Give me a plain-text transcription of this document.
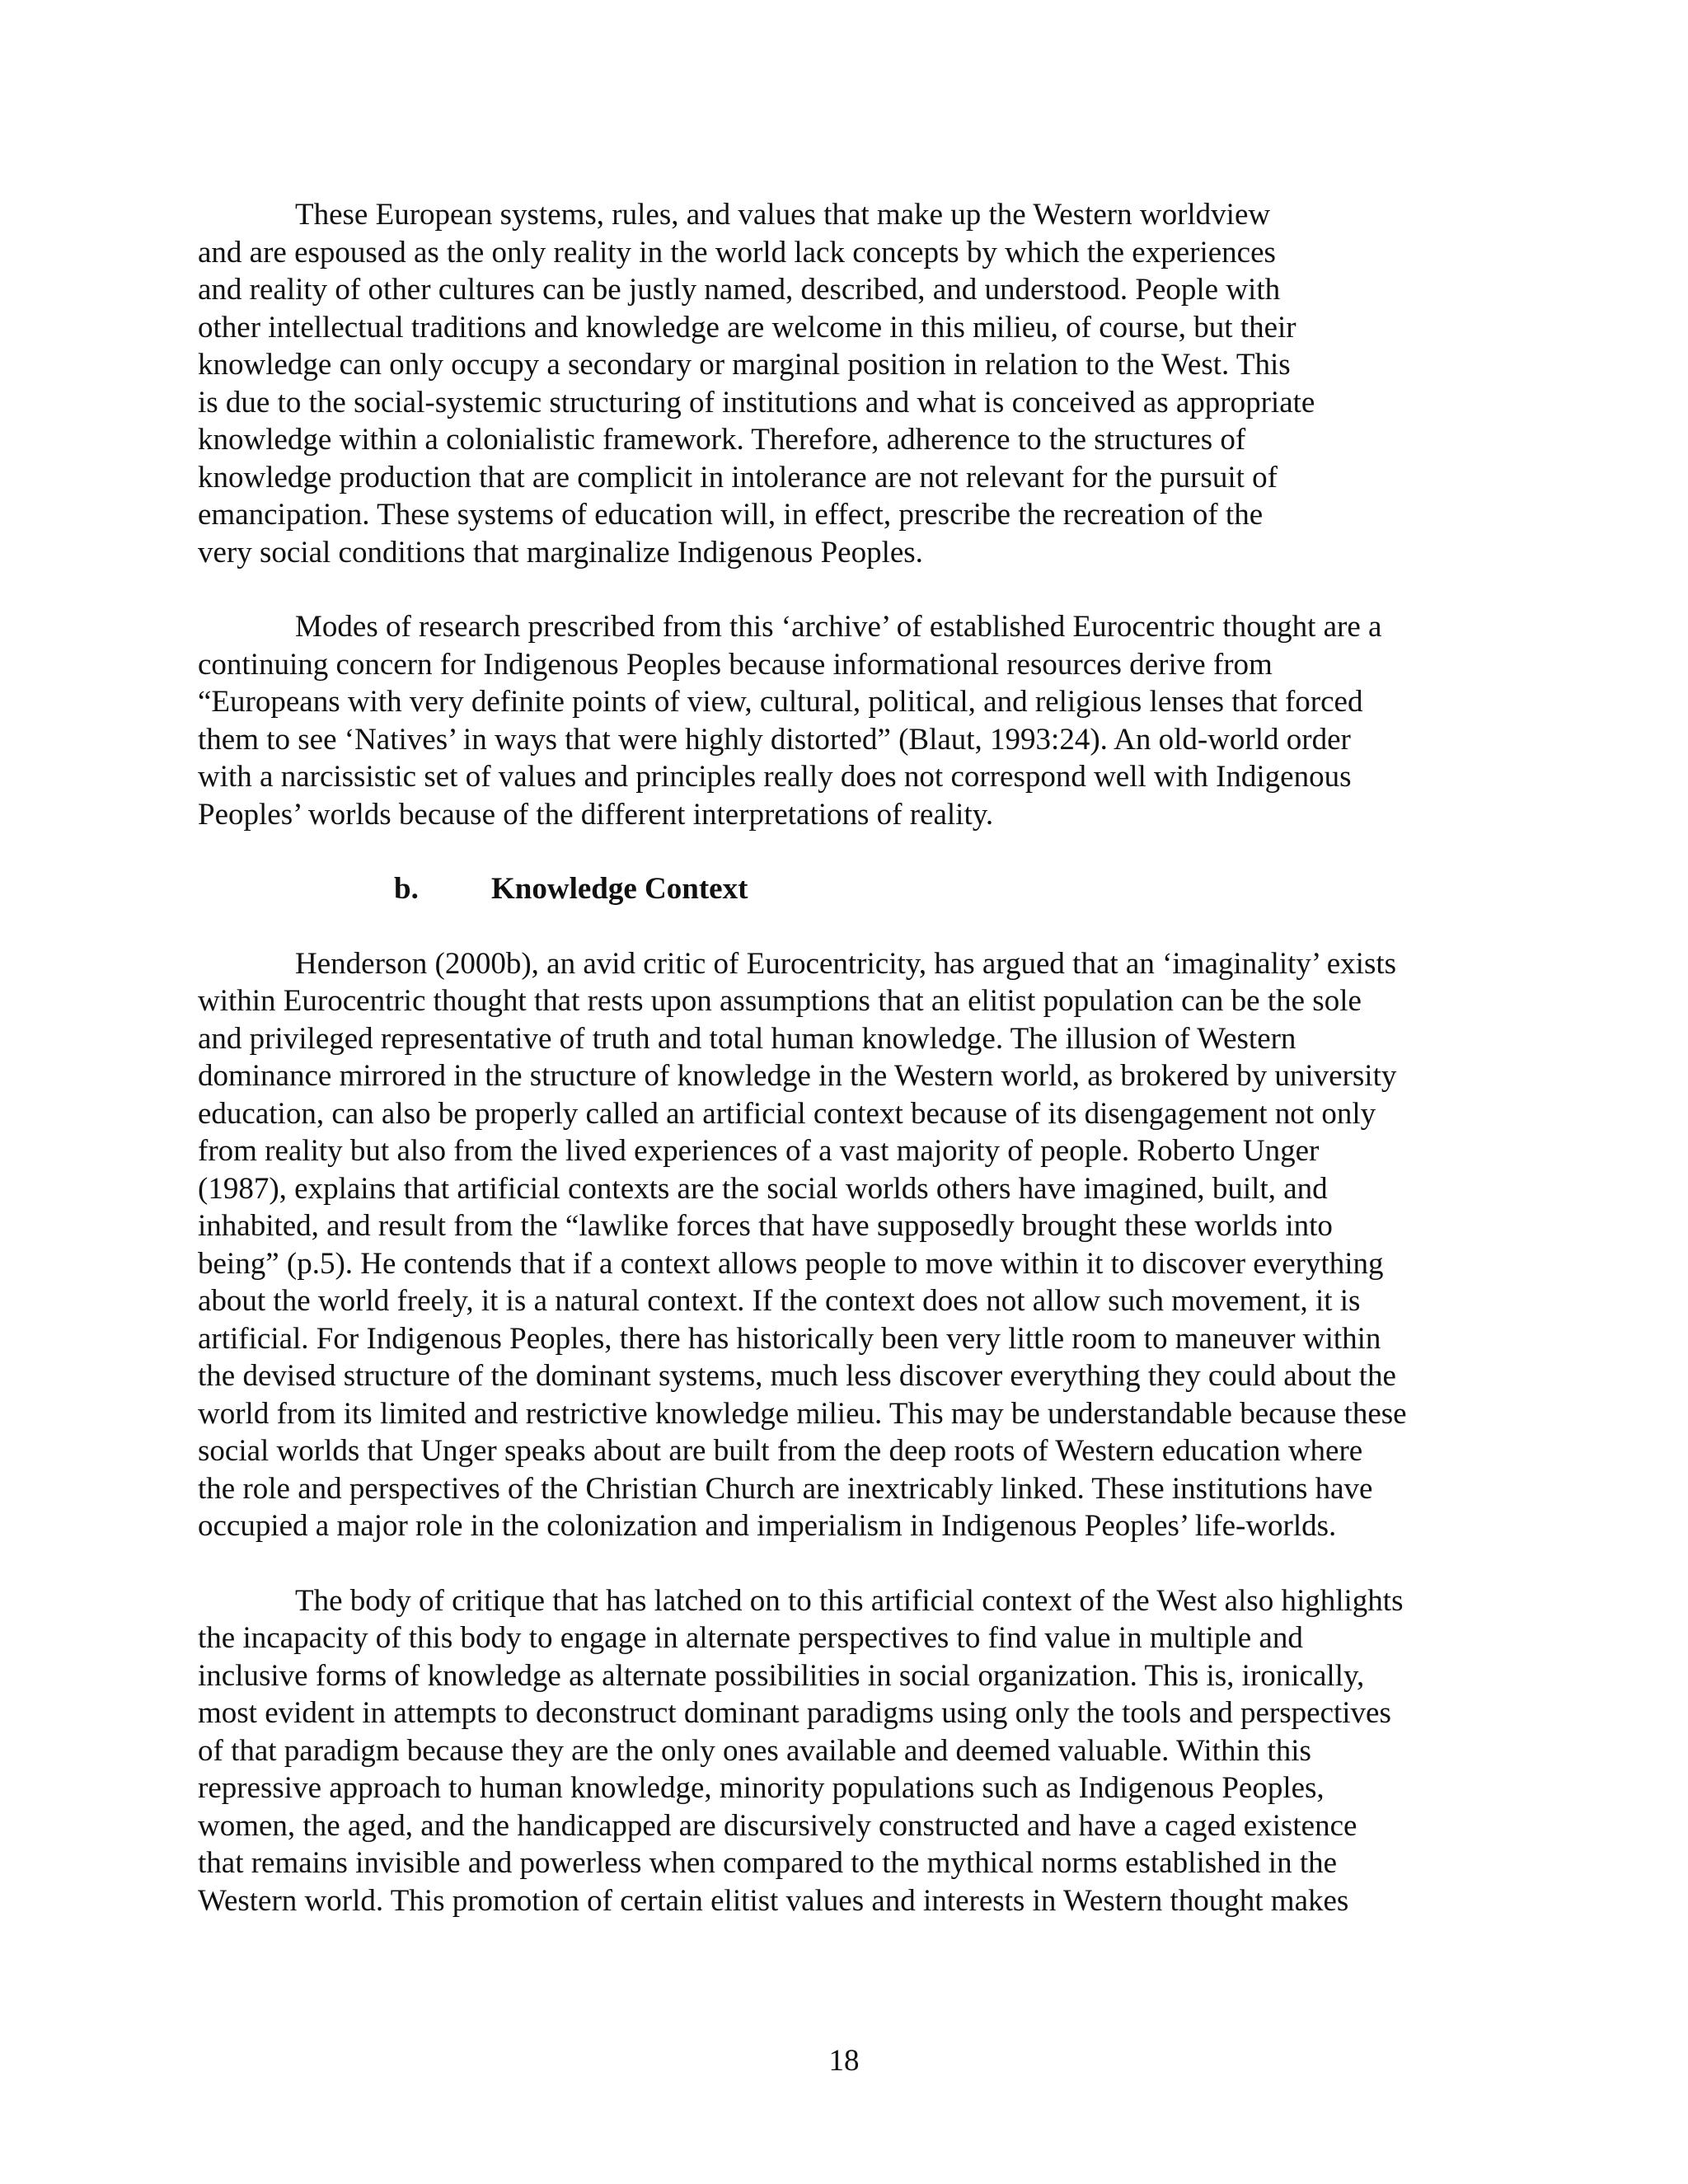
These European systems, rules, and values that make up the Western worldview
and are espoused as the only reality in the world lack concepts by which the experiences
and reality of other cultures can be justly named, described, and understood. People with
other intellectual traditions and knowledge are welcome in this milieu, of course, but their
knowledge can only occupy a secondary or marginal position in relation to the West. This
is due to the social-systemic structuring of institutions and what is conceived as appropriate
knowledge within a colonialistic framework. Therefore, adherence to the structures of
knowledge production that are complicit in intolerance are not relevant for the pursuit of
emancipation. These systems of education will, in effect, prescribe the recreation of the
very social conditions that marginalize Indigenous Peoples.

Modes of research prescribed from this ‘archive’ of established Eurocentric thought are a
continuing concern for Indigenous Peoples because informational resources derive from
“Europeans with very definite points of view, cultural, political, and religious lenses that forced
them to see ‘Natives’ in ways that were highly distorted” (Blaut, 1993:24). An old-world order
with a narcissistic set of values and principles really does not correspond well with Indigenous
Peoples’ worlds because of the different interpretations of reality.

b. Knowledge Context

Henderson (2000b), an avid critic of Eurocentricity, has argued that an ‘imaginality’ exists
within Eurocentric thought that rests upon assumptions that an elitist population can be the sole
and privileged representative of truth and total human knowledge. The illusion of Western
dominance mirrored in the structure of knowledge in the Western world, as brokered by university
education, can also be properly called an artificial context because of its disengagement not only
from reality but also from the lived experiences of a vast majority of people. Roberto Unger
(1987), explains that artificial contexts are the social worlds others have imagined, built, and
inhabited, and result from the “lawlike forces that have supposedly brought these worlds into
being” (p.5). He contends that if a context allows people to move within it to discover everything
about the world freely, it is a natural context. If the context does not allow such movement, it is
artificial. For Indigenous Peoples, there has historically been very little room to maneuver within
the devised structure of the dominant systems, much less discover everything they could about the
world from its limited and restrictive knowledge milieu. This may be understandable because these
social worlds that Unger speaks about are built from the deep roots of Western education where
the role and perspectives of the Christian Church are inextricably linked. These institutions have
occupied a major role in the colonization and imperialism in Indigenous Peoples’ life-worlds.

The body of critique that has latched on to this artificial context of the West also highlights
the incapacity of this body to engage in alternate perspectives to find value in multiple and
inclusive forms of knowledge as alternate possibilities in social organization. This is, ironically,
most evident in attempts to deconstruct dominant paradigms using only the tools and perspectives
of that paradigm because they are the only ones available and deemed valuable. Within this
repressive approach to human knowledge, minority populations such as Indigenous Peoples,
women, the aged, and the handicapped are discursively constructed and have a caged existence
that remains invisible and powerless when compared to the mythical norms established in the
Western world. This promotion of certain elitist values and interests in Western thought makes

18
